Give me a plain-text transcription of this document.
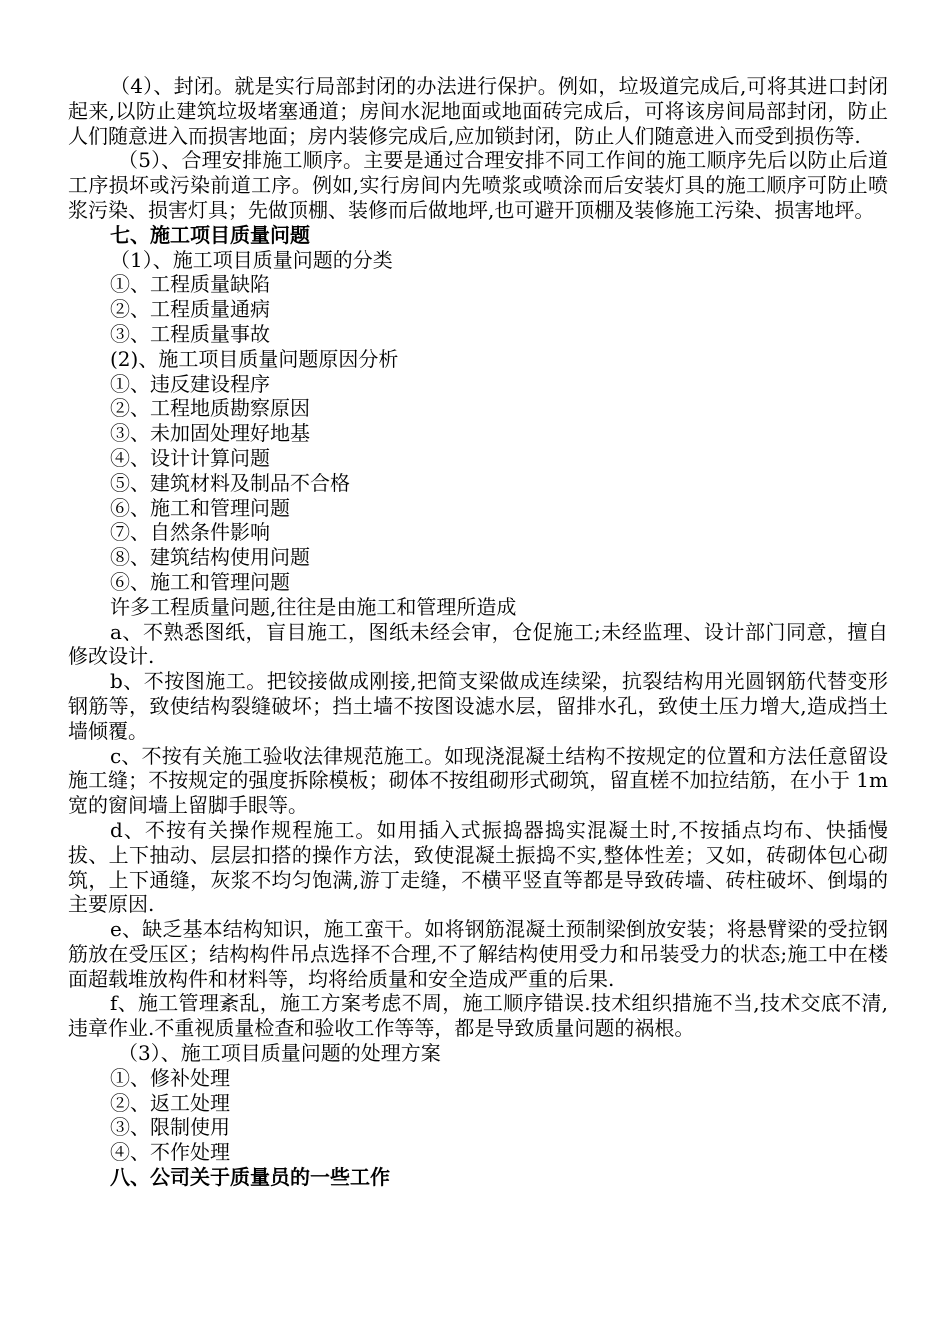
（4）、封闭。就是实行局部封闭的办法进行保护。例如，垃圾道完成后,可将其进口封闭起来,以防止建筑垃圾堵塞通道；房间水泥地面或地面砖完成后，可将该房间局部封闭，防止人们随意进入而损害地面；房内装修完成后,应加锁封闭，防止人们随意进入而受到损伤等.

（5）、合理安排施工顺序。主要是通过合理安排不同工作间的施工顺序先后以防止后道工序损坏或污染前道工序。例如,实行房间内先喷浆或喷涂而后安装灯具的施工顺序可防止喷浆污染、损害灯具；先做顶棚、装修而后做地坪,也可避开顶棚及装修施工污染、损害地坪。

七、施工项目质量问题

（1）、施工项目质量问题的分类

①、工程质量缺陷

②、工程质量通病

③、工程质量事故

(2)、施工项目质量问题原因分析

①、违反建设程序

②、工程地质勘察原因

③、未加固处理好地基

④、设计计算问题

⑤、建筑材料及制品不合格

⑥、施工和管理问题

⑦、自然条件影响

⑧、建筑结构使用问题

⑥、施工和管理问题

许多工程质量问题,往往是由施工和管理所造成

a、不熟悉图纸，盲目施工，图纸未经会审，仓促施工;未经监理、设计部门同意，擅自修改设计.

b、不按图施工。把铰接做成刚接,把简支梁做成连续梁，抗裂结构用光圆钢筋代替变形钢筋等，致使结构裂缝破坏；挡土墙不按图设滤水层，留排水孔，致使土压力增大,造成挡土墙倾覆。

c、不按有关施工验收法律规范施工。如现浇混凝土结构不按规定的位置和方法任意留设施工缝；不按规定的强度拆除模板；砌体不按组砌形式砌筑，留直槎不加拉结筋，在小于 1m 宽的窗间墙上留脚手眼等。

d、不按有关操作规程施工。如用插入式振捣器捣实混凝土时,不按插点均布、快插慢拔、上下抽动、层层扣搭的操作方法，致使混凝土振捣不实,整体性差；又如，砖砌体包心砌筑，上下通缝，灰浆不均匀饱满,游丁走缝，不横平竖直等都是导致砖墙、砖柱破坏、倒塌的主要原因.

e、缺乏基本结构知识，施工蛮干。如将钢筋混凝土预制梁倒放安装；将悬臂梁的受拉钢筋放在受压区；结构构件吊点选择不合理,不了解结构使用受力和吊装受力的状态;施工中在楼面超载堆放构件和材料等，均将给质量和安全造成严重的后果.

f、施工管理紊乱，施工方案考虑不周，施工顺序错误.技术组织措施不当,技术交底不清,违章作业.不重视质量检查和验收工作等等，都是导致质量问题的祸根。

（3）、施工项目质量问题的处理方案

①、修补处理

②、返工处理

③、限制使用

④、不作处理

八、公司关于质量员的一些工作
